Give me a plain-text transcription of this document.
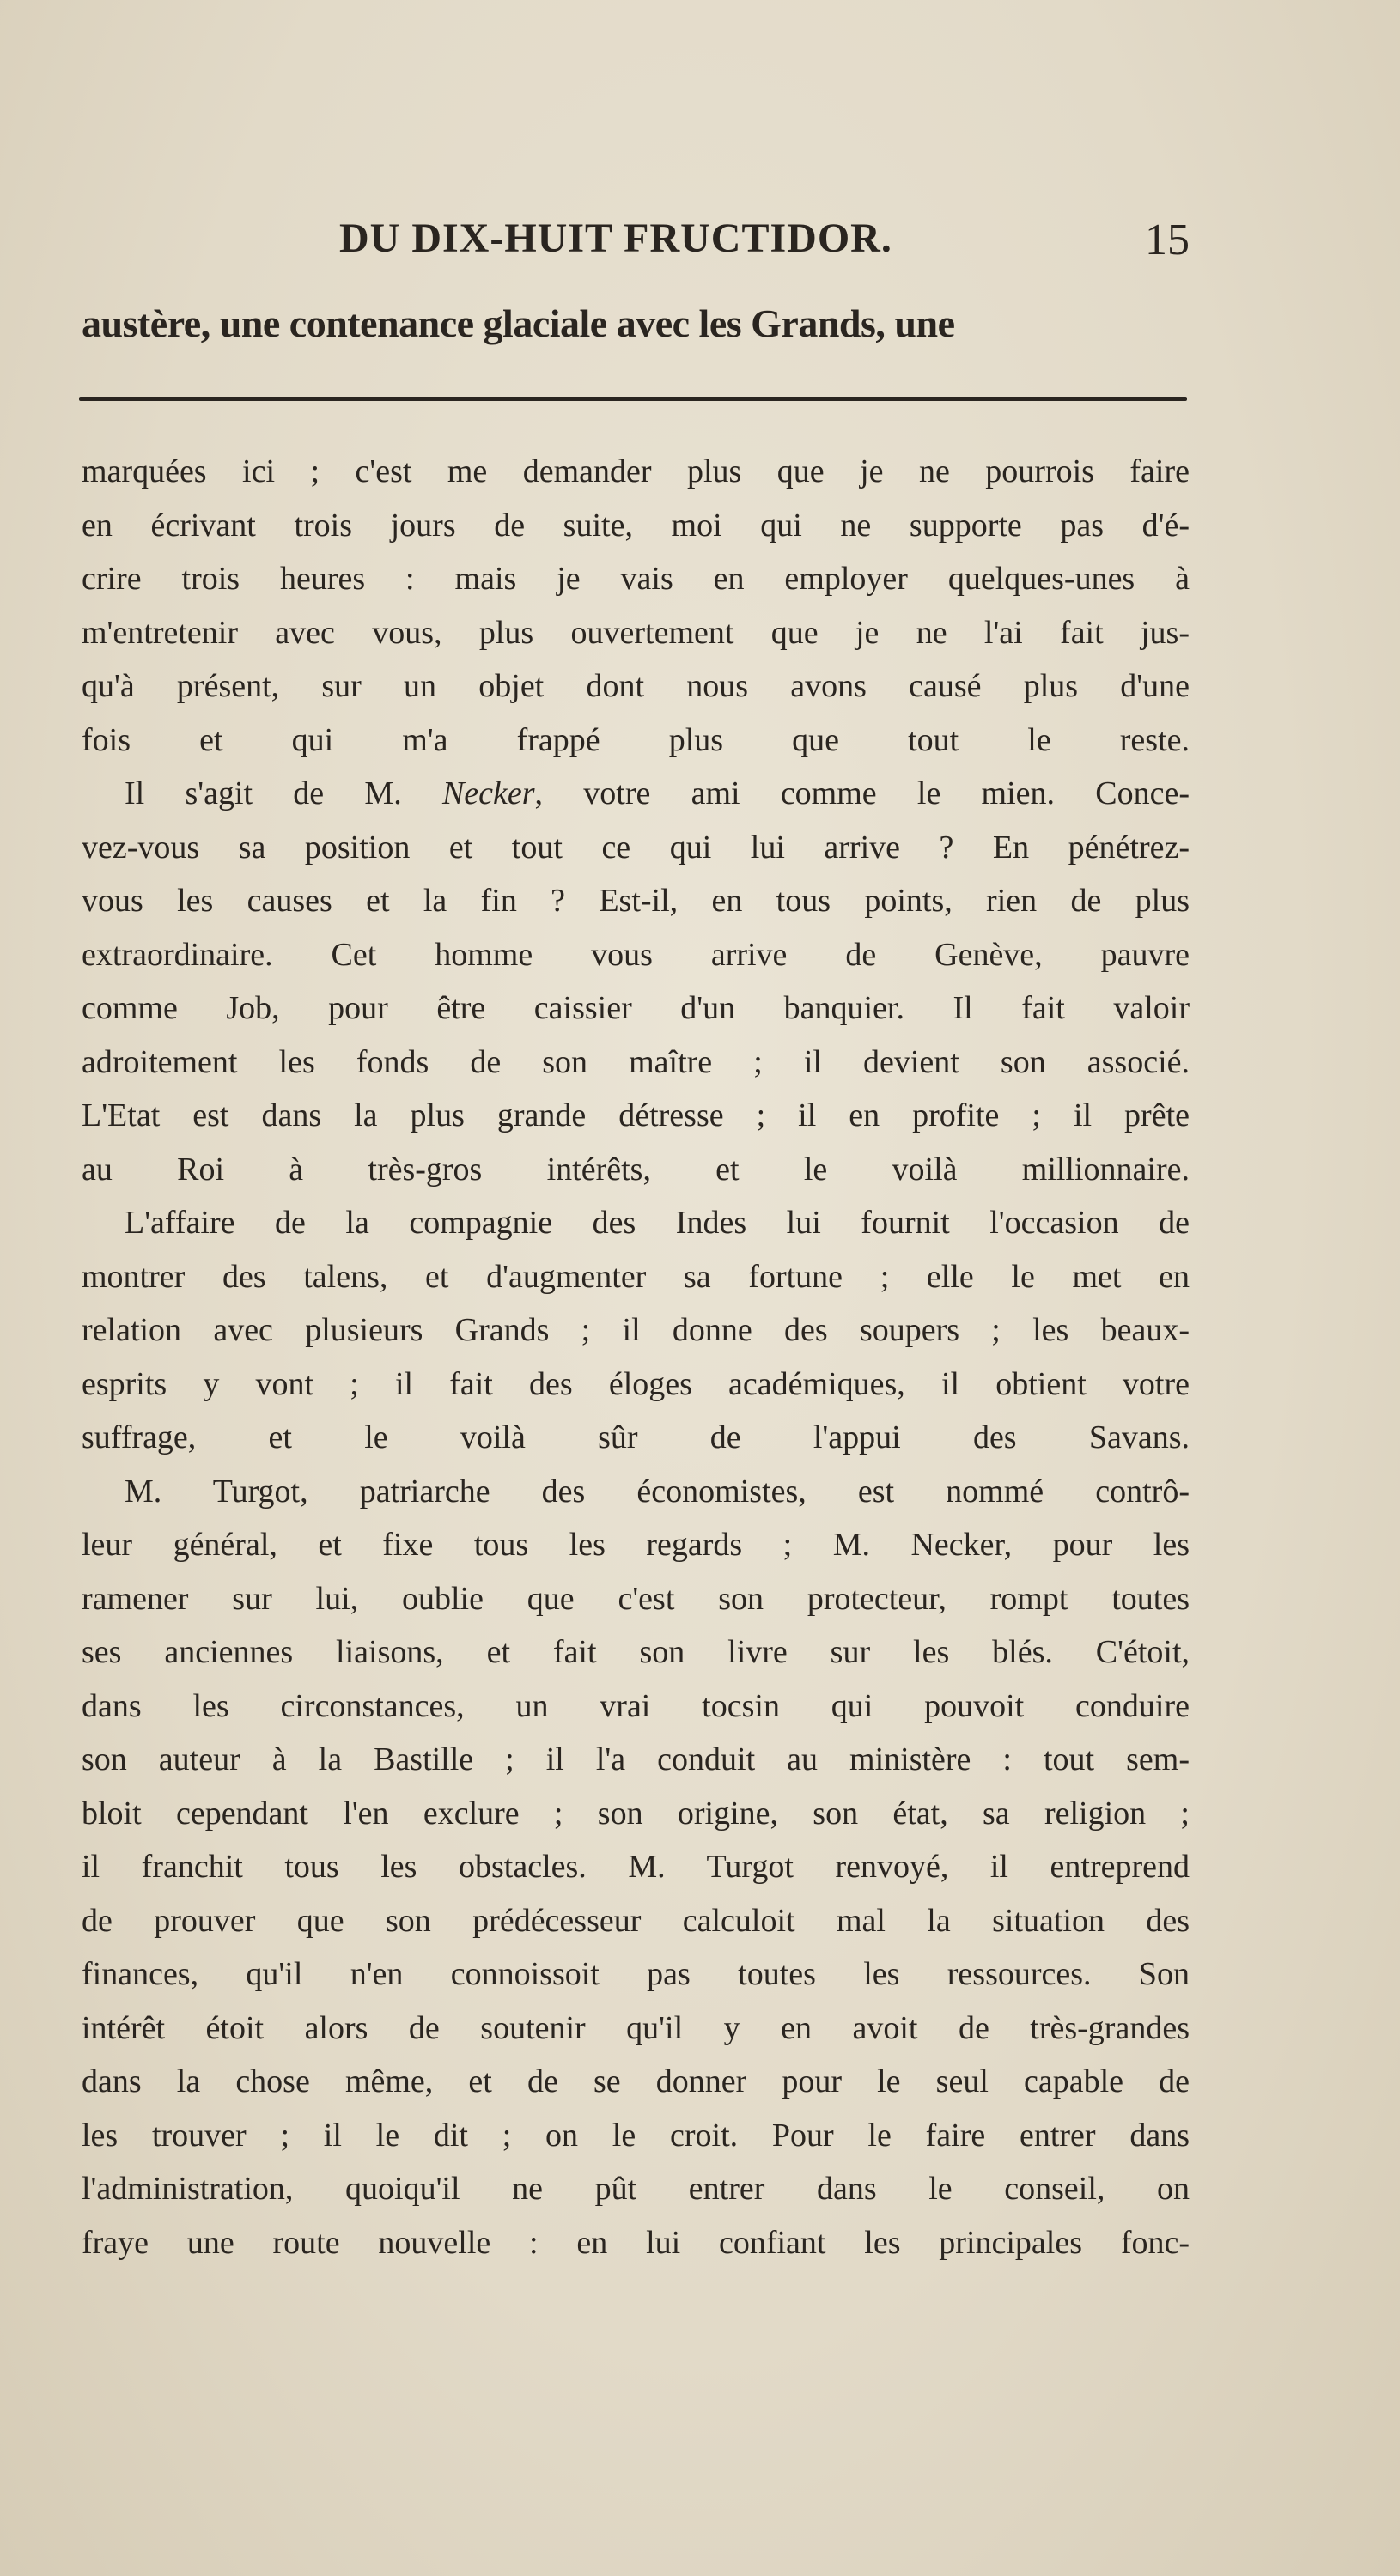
DU DIX-HUIT FRUCTIDOR.	15
austère, une contenance glaciale avec les Grands, une
marquées ici ; c'est me demander plus que je ne pourrois faire
en écrivant trois jours de suite, moi qui ne supporte pas d'é-
crire trois heures : mais je vais en employer quelques-unes à
m'entretenir avec vous, plus ouvertement que je ne l'ai fait jus-
qu'à présent, sur un objet dont nous avons causé plus d'une
fois et qui m'a frappé plus que tout le reste.
Il s'agit de M. Necker, votre ami comme le mien. Conce-
vez-vous sa position et tout ce qui lui arrive ? En pénétrez-
vous les causes et la fin ? Est-il, en tous points, rien de plus
extraordinaire. Cet homme vous arrive de Genève, pauvre
comme Job, pour être caissier d'un banquier. Il fait valoir
adroitement les fonds de son maître ; il devient son associé.
L'Etat est dans la plus grande détresse ; il en profite ; il prête
au Roi à très-gros intérêts, et le voilà millionnaire.
L'affaire de la compagnie des Indes lui fournit l'occasion de
montrer des talens, et d'augmenter sa fortune ; elle le met en
relation avec plusieurs Grands ; il donne des soupers ; les beaux-
esprits y vont ; il fait des éloges académiques, il obtient votre
suffrage, et le voilà sûr de l'appui des Savans.
M. Turgot, patriarche des économistes, est nommé contrô-
leur général, et fixe tous les regards ; M. Necker, pour les
ramener sur lui, oublie que c'est son protecteur, rompt toutes
ses anciennes liaisons, et fait son livre sur les blés. C'étoit,
dans les circonstances, un vrai tocsin qui pouvoit conduire
son auteur à la Bastille ; il l'a conduit au ministère : tout sem-
bloit cependant l'en exclure ; son origine, son état, sa religion ;
il franchit tous les obstacles. M. Turgot renvoyé, il entreprend
de prouver que son prédécesseur calculoit mal la situation des
finances, qu'il n'en connoissoit pas toutes les ressources. Son
intérêt étoit alors de soutenir qu'il y en avoit de très-grandes
dans la chose même, et de se donner pour le seul capable de
les trouver ; il le dit ; on le croit. Pour le faire entrer dans
l'administration, quoiqu'il ne pût entrer dans le conseil, on
fraye une route nouvelle : en lui confiant les principales fonc-
